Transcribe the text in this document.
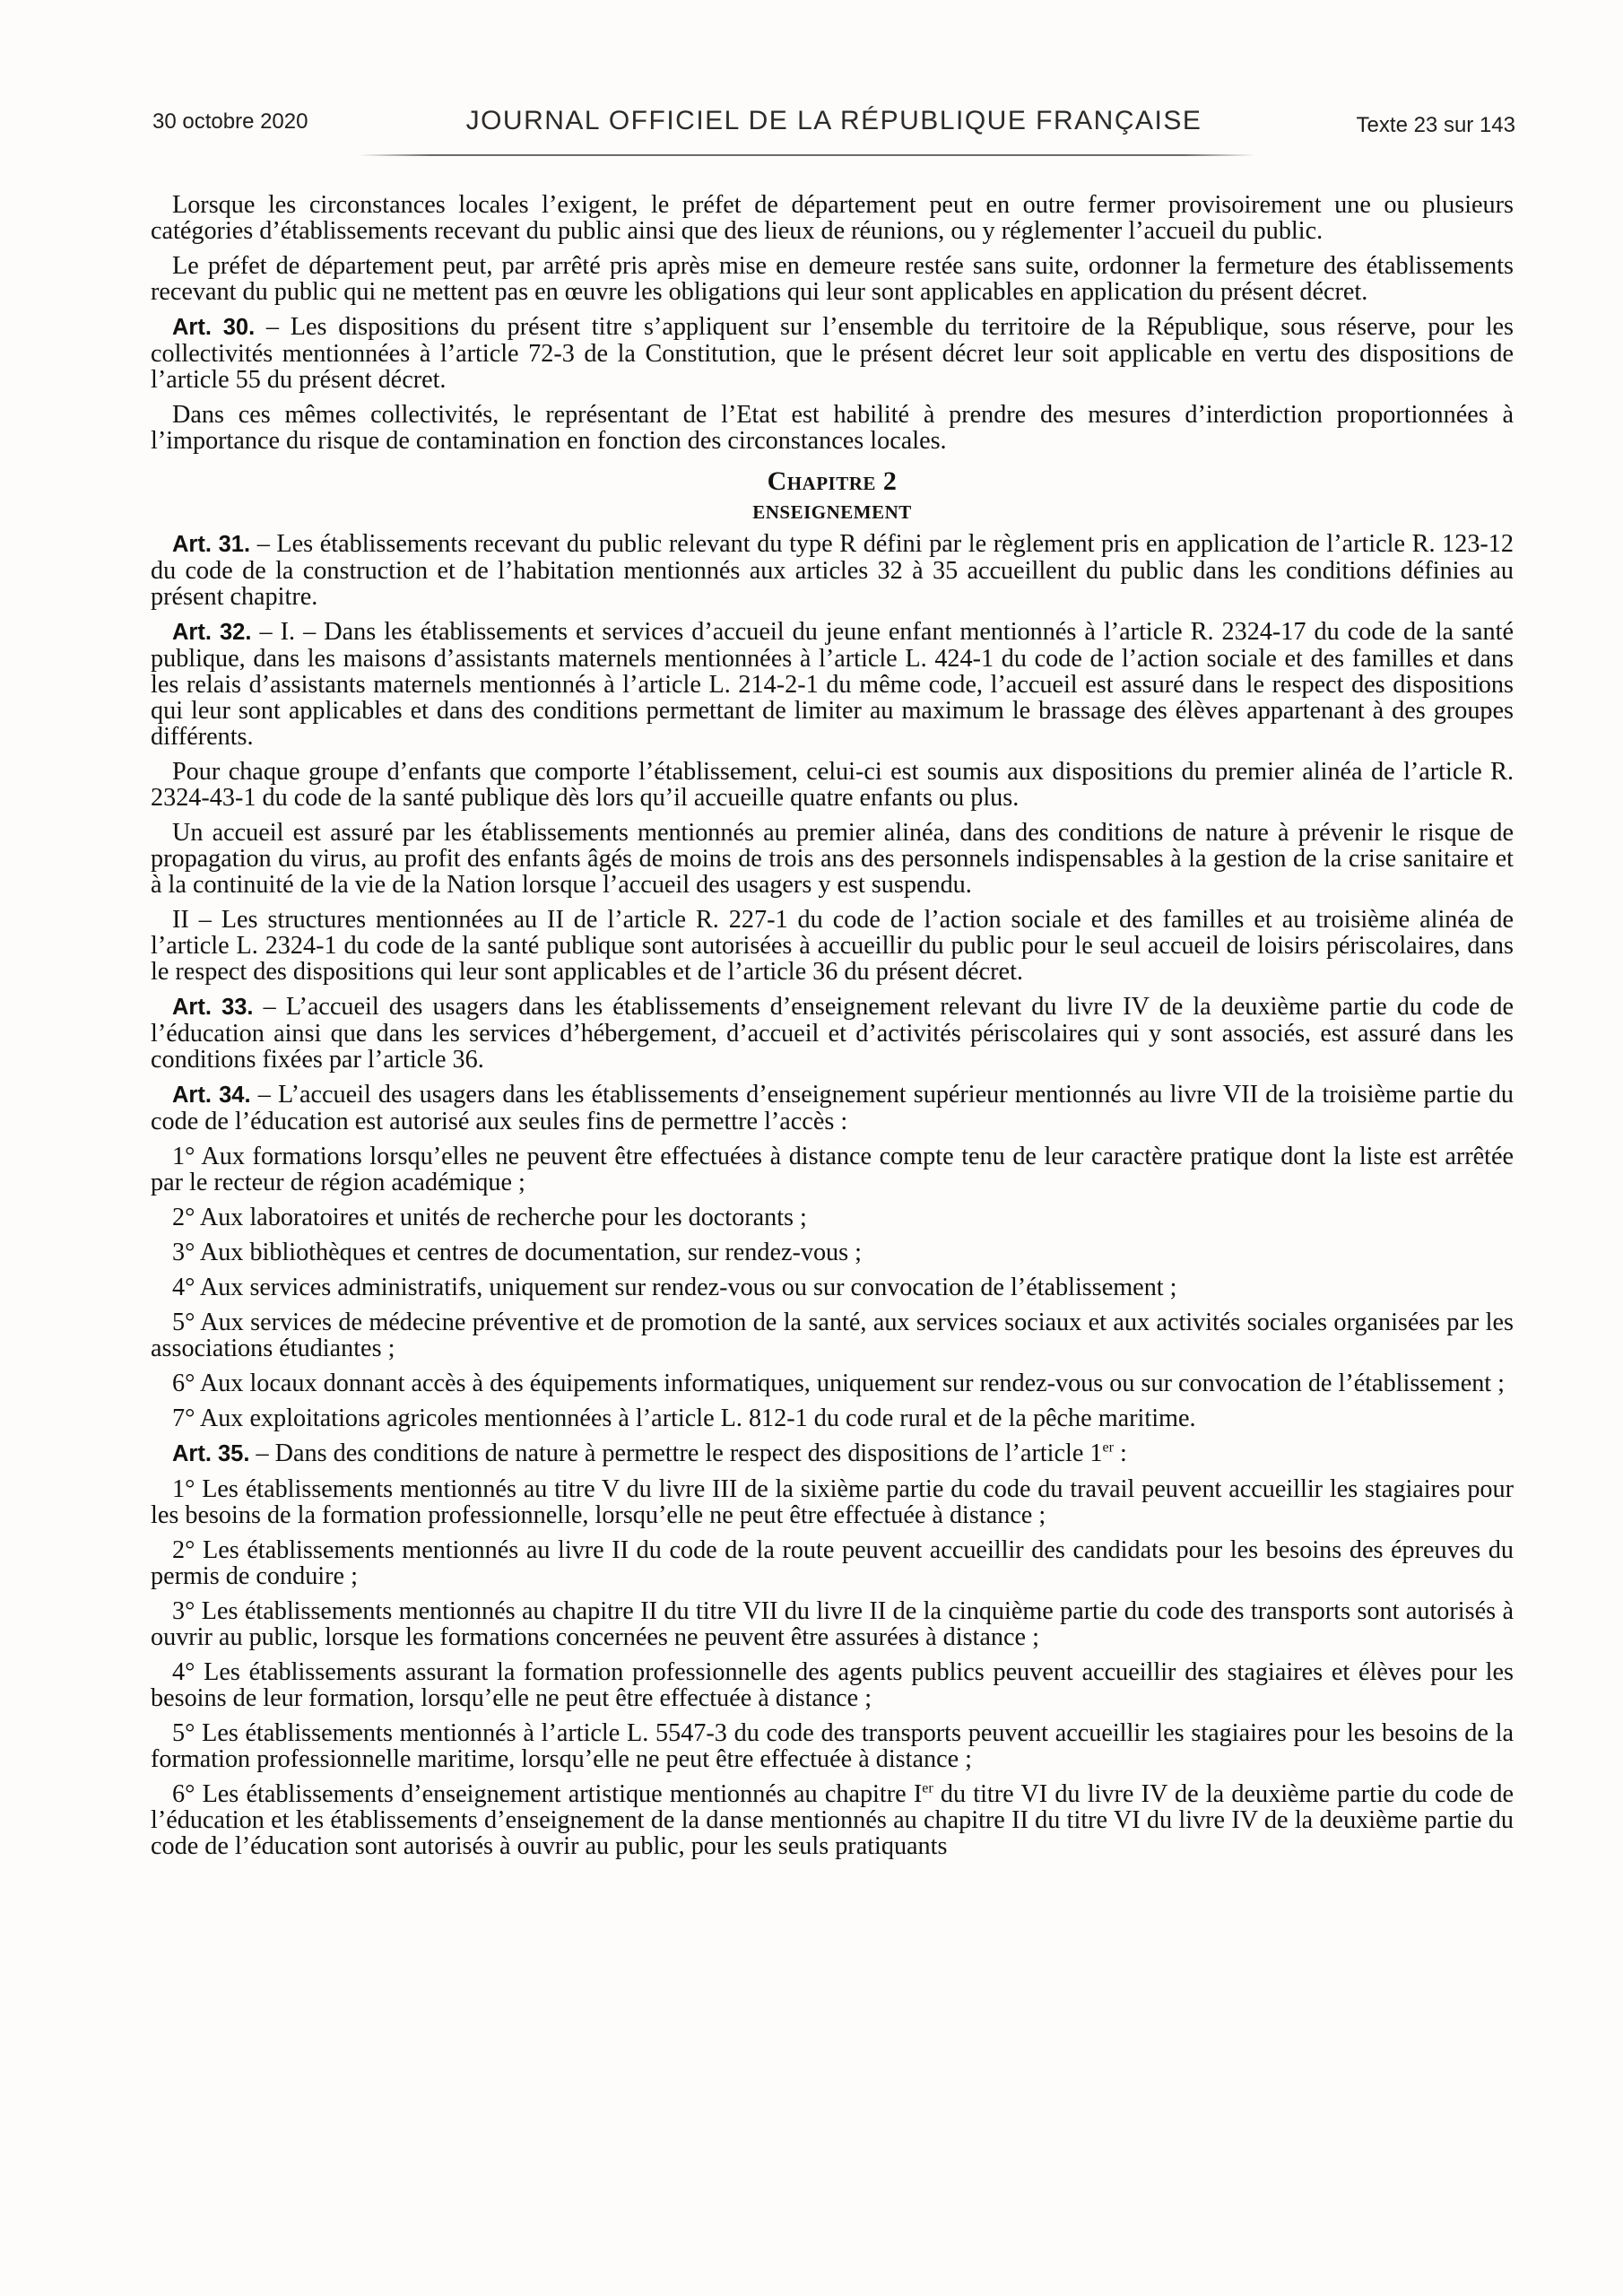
30 octobre 2020	JOURNAL OFFICIEL DE LA RÉPUBLIQUE FRANÇAISE	Texte 23 sur 143

Lorsque les circonstances locales l’exigent, le préfet de département peut en outre fermer provisoirement une ou plusieurs catégories d’établissements recevant du public ainsi que des lieux de réunions, ou y réglementer l’accueil du public.

Le préfet de département peut, par arrêté pris après mise en demeure restée sans suite, ordonner la fermeture des établissements recevant du public qui ne mettent pas en œuvre les obligations qui leur sont applicables en application du présent décret.

Art. 30. – Les dispositions du présent titre s’appliquent sur l’ensemble du territoire de la République, sous réserve, pour les collectivités mentionnées à l’article 72-3 de la Constitution, que le présent décret leur soit applicable en vertu des dispositions de l’article 55 du présent décret.

Dans ces mêmes collectivités, le représentant de l’Etat est habilité à prendre des mesures d’interdiction proportionnées à l’importance du risque de contamination en fonction des circonstances locales.

Chapitre 2
ENSEIGNEMENT

Art. 31. – Les établissements recevant du public relevant du type R défini par le règlement pris en application de l’article R. 123-12 du code de la construction et de l’habitation mentionnés aux articles 32 à 35 accueillent du public dans les conditions définies au présent chapitre.

Art. 32. – I. – Dans les établissements et services d’accueil du jeune enfant mentionnés à l’article R. 2324-17 du code de la santé publique, dans les maisons d’assistants maternels mentionnées à l’article L. 424-1 du code de l’action sociale et des familles et dans les relais d’assistants maternels mentionnés à l’article L. 214-2-1 du même code, l’accueil est assuré dans le respect des dispositions qui leur sont applicables et dans des conditions permettant de limiter au maximum le brassage des élèves appartenant à des groupes différents.

Pour chaque groupe d’enfants que comporte l’établissement, celui-ci est soumis aux dispositions du premier alinéa de l’article R. 2324-43-1 du code de la santé publique dès lors qu’il accueille quatre enfants ou plus.

Un accueil est assuré par les établissements mentionnés au premier alinéa, dans des conditions de nature à prévenir le risque de propagation du virus, au profit des enfants âgés de moins de trois ans des personnels indispensables à la gestion de la crise sanitaire et à la continuité de la vie de la Nation lorsque l’accueil des usagers y est suspendu.

II – Les structures mentionnées au II de l’article R. 227-1 du code de l’action sociale et des familles et au troisième alinéa de l’article L. 2324-1 du code de la santé publique sont autorisées à accueillir du public pour le seul accueil de loisirs périscolaires, dans le respect des dispositions qui leur sont applicables et de l’article 36 du présent décret.

Art. 33. – L’accueil des usagers dans les établissements d’enseignement relevant du livre IV de la deuxième partie du code de l’éducation ainsi que dans les services d’hébergement, d’accueil et d’activités périscolaires qui y sont associés, est assuré dans les conditions fixées par l’article 36.

Art. 34. – L’accueil des usagers dans les établissements d’enseignement supérieur mentionnés au livre VII de la troisième partie du code de l’éducation est autorisé aux seules fins de permettre l’accès :

1° Aux formations lorsqu’elles ne peuvent être effectuées à distance compte tenu de leur caractère pratique dont la liste est arrêtée par le recteur de région académique ;

2° Aux laboratoires et unités de recherche pour les doctorants ;

3° Aux bibliothèques et centres de documentation, sur rendez-vous ;

4° Aux services administratifs, uniquement sur rendez-vous ou sur convocation de l’établissement ;

5° Aux services de médecine préventive et de promotion de la santé, aux services sociaux et aux activités sociales organisées par les associations étudiantes ;

6° Aux locaux donnant accès à des équipements informatiques, uniquement sur rendez-vous ou sur convocation de l’établissement ;

7° Aux exploitations agricoles mentionnées à l’article L. 812-1 du code rural et de la pêche maritime.

Art. 35. – Dans des conditions de nature à permettre le respect des dispositions de l’article 1er :

1° Les établissements mentionnés au titre V du livre III de la sixième partie du code du travail peuvent accueillir les stagiaires pour les besoins de la formation professionnelle, lorsqu’elle ne peut être effectuée à distance ;

2° Les établissements mentionnés au livre II du code de la route peuvent accueillir des candidats pour les besoins des épreuves du permis de conduire ;

3° Les établissements mentionnés au chapitre II du titre VII du livre II de la cinquième partie du code des transports sont autorisés à ouvrir au public, lorsque les formations concernées ne peuvent être assurées à distance ;

4° Les établissements assurant la formation professionnelle des agents publics peuvent accueillir des stagiaires et élèves pour les besoins de leur formation, lorsqu’elle ne peut être effectuée à distance ;

5° Les établissements mentionnés à l’article L. 5547-3 du code des transports peuvent accueillir les stagiaires pour les besoins de la formation professionnelle maritime, lorsqu’elle ne peut être effectuée à distance ;

6° Les établissements d’enseignement artistique mentionnés au chapitre Ier du titre VI du livre IV de la deuxième partie du code de l’éducation et les établissements d’enseignement de la danse mentionnés au chapitre II du titre VI du livre IV de la deuxième partie du code de l’éducation sont autorisés à ouvrir au public, pour les seuls pratiquants
